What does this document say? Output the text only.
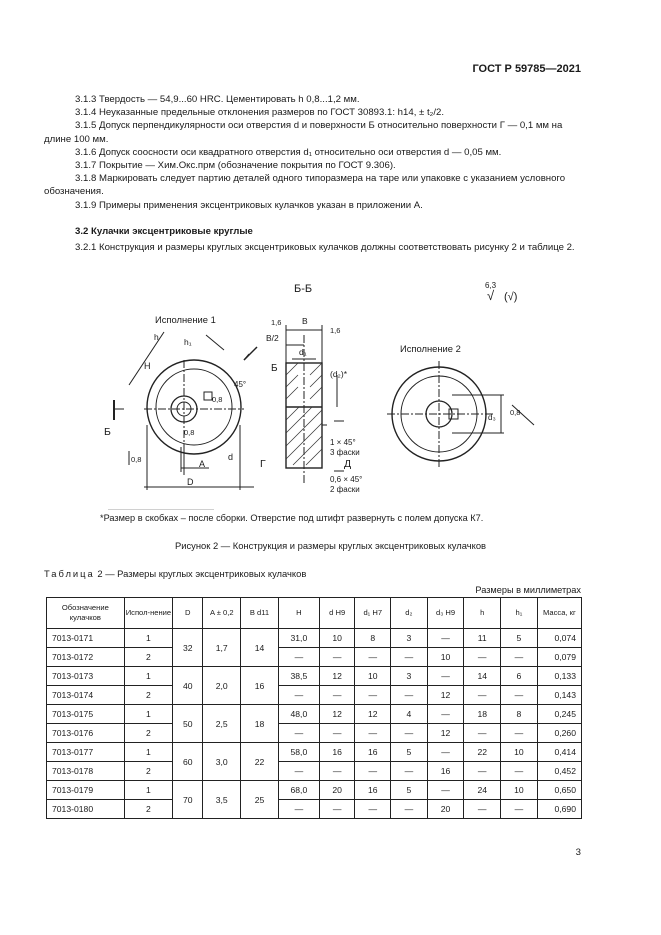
ГОСТ Р 59785—2021

3.1.3 Твердость — 54,9...60 HRC. Цементировать h 0,8...1,2 мм.

3.1.4 Неуказанные предельные отклонения размеров по ГОСТ 30893.1: h14, ± t₂/2.

3.1.5 Допуск перпендикулярности оси отверстия d и поверхности Б относительно поверхности Г — 0,1 мм на длине 100 мм.

3.1.6 Допуск соосности оси квадратного отверстия d₁ относительно оси отверстия d — 0,05 мм.

3.1.7 Покрытие — Хим.Окс.прм (обозначение покрытия по ГОСТ 9.306).

3.1.8 Маркировать следует партию деталей одного типоразмера на таре или упаковке с указанием условного обозначения.

3.1.9 Примеры применения эксцентриковых кулачков указан в приложении А.

3.2 Кулачки эксцентриковые круглые

3.2.1 Конструкция и размеры круглых эксцентриковых кулачков должны соответствовать рисунку 2 и таблице 2.

Исполнение 1
Исполнение 2
Б-Б	6,3
√ (√)
1,6
1,6
В
В/2
d₁
(d₂)*
Б
45°
H
h	h₁
0,8
0,8	d
А
D
Б
Г	Д
1 × 45°
3 фаски
0,6 × 45°
2 фаски
d₃
0,8
0,8
*Размер в скобках – после сборки. Отверстие под штифт развернуть с полем допуска К7.
Рисунок 2 — Конструкция и размеры круглых эксцентриковых кулачков
Таблица 2 — Размеры круглых эксцентриковых кулачков
Размеры в миллиметрах
Обозначение кулачков	Испол-нение	D	A ± 0,2	B d11	H	d H9	d₁ H7	d₂	d₃ H9	h	h₁	Масса, кг
7013-0171	1	32	1,7	14	31,0	10	8	3	—	11	5	0,074
7013-0172	2				—	—	—	—	10	—	—	0,079
7013-0173	1	40	2,0	16	38,5	12	10	3	—	14	6	0,133
7013-0174	2				—	—	—	—	12	—	—	0,143
7013-0175	1	50	2,5	18	48,0	12	12	4	—	18	8	0,245
7013-0176	2				—	—	—	—	12	—	—	0,260
7013-0177	1	60	3,0	22	58,0	16	16	5	—	22	10	0,414
7013-0178	2				—	—	—	—	16	—	—	0,452
7013-0179	1	70	3,5	25	68,0	20	16	5	—	24	10	0,650
7013-0180	2				—	—	—	—	20	—	—	0,690
3
